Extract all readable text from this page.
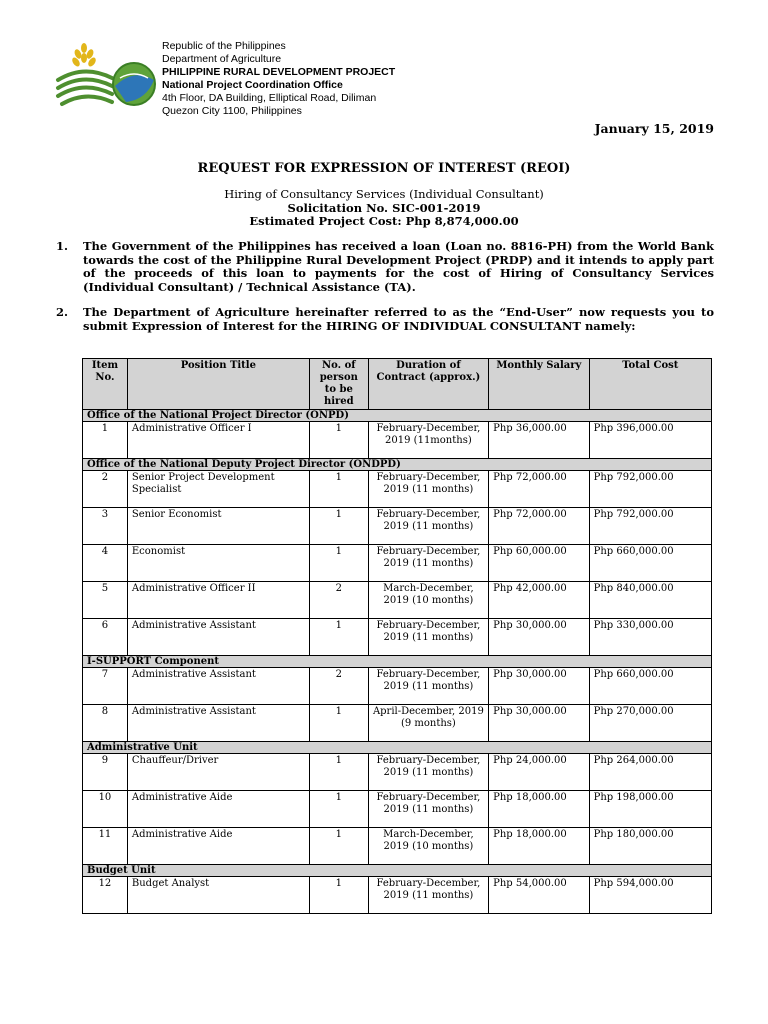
Republic of the Philippines
Department of Agriculture
PHILIPPINE RURAL DEVELOPMENT PROJECT
National Project Coordination Office
4th Floor, DA Building, Elliptical Road, Diliman
Quezon City 1100, Philippines
January 15, 2019
REQUEST FOR EXPRESSION OF INTEREST (REOI)
Hiring of Consultancy Services (Individual Consultant)
Solicitation No. SIC-001-2019
Estimated Project Cost: Php 8,874,000.00
1. The Government of the Philippines has received a loan (Loan no. 8816-PH) from the World Bank towards the cost of the Philippine Rural Development Project (PRDP) and it intends to apply part of the proceeds of this loan to payments for the cost of Hiring of Consultancy Services (Individual Consultant) / Technical Assistance (TA).
2. The Department of Agriculture hereinafter referred to as the “End-User” now requests you to submit Expression of Interest for the HIRING OF INDIVIDUAL CONSULTANT namely:
Item No.	Position Title	No. of person to be hired	Duration of Contract (approx.)	Monthly Salary	Total Cost
Office of the National Project Director (ONPD)					
1	Administrative Officer I	1	February-December, 2019 (11months)	Php 36,000.00	Php 396,000.00
Office of the National Deputy Project Director (ONDPD)					
2	Senior Project Development Specialist	1	February-December, 2019 (11 months)	Php 72,000.00	Php 792,000.00
3	Senior Economist	1	February-December, 2019 (11 months)	Php 72,000.00	Php 792,000.00
4	Economist	1	February-December, 2019 (11 months)	Php 60,000.00	Php 660,000.00
5	Administrative Officer II	2	March-December, 2019 (10 months)	Php 42,000.00	Php 840,000.00
6	Administrative Assistant	1	February-December, 2019 (11 months)	Php 30,000.00	Php 330,000.00
I-SUPPORT Component					
7	Administrative Assistant	2	February-December, 2019 (11 months)	Php 30,000.00	Php 660,000.00
8	Administrative Assistant	1	April-December, 2019 (9 months)	Php 30,000.00	Php 270,000.00
Administrative Unit					
9	Chauffeur/Driver	1	February-December, 2019 (11 months)	Php 24,000.00	Php 264,000.00
10	Administrative Aide	1	February-December, 2019 (11 months)	Php 18,000.00	Php 198,000.00
11	Administrative Aide	1	March-December, 2019 (10 months)	Php 18,000.00	Php 180,000.00
Budget Unit					
12	Budget Analyst	1	February-December, 2019 (11 months)	Php 54,000.00	Php 594,000.00
